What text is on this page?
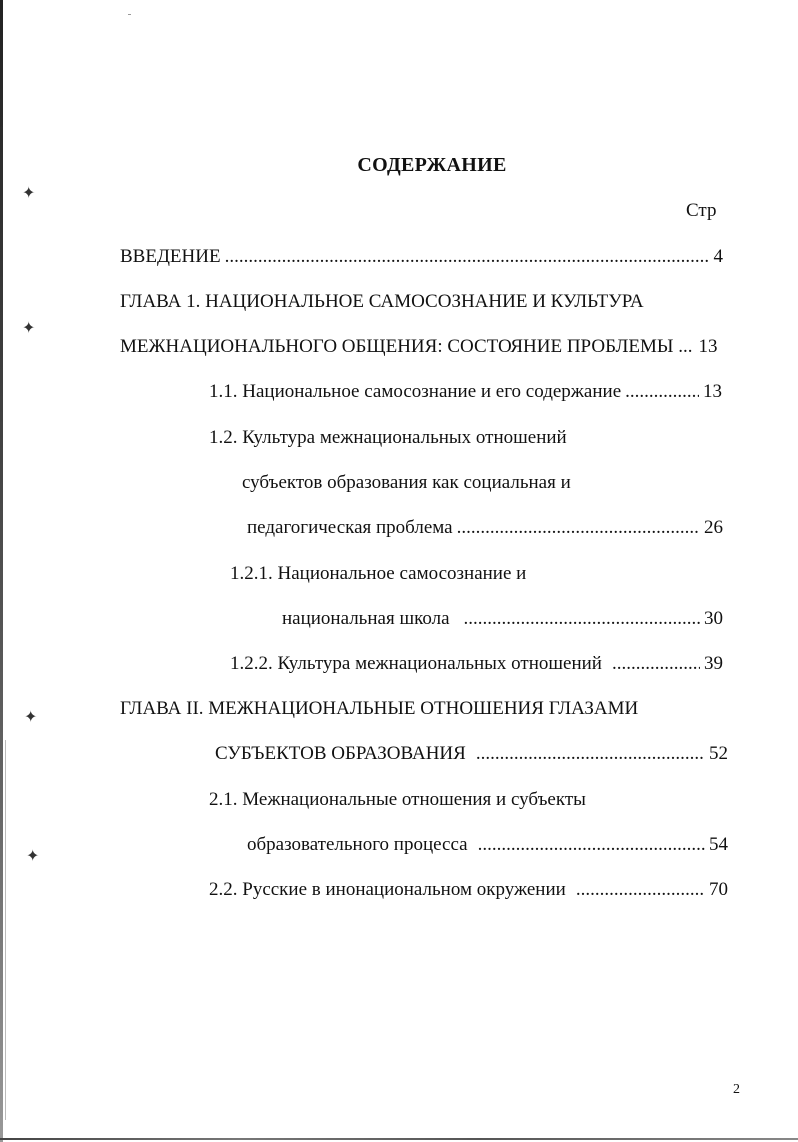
✦
✦
✦
✦
СОДЕРЖАНИЕ
Стр
ВВЕДЕНИЕ .....	4
ГЛАВА 1. НАЦИОНАЛЬНОЕ САМОСОЗНАНИЕ И КУЛЬТУРА
МЕЖНАЦИОНАЛЬНОГО ОБЩЕНИЯ: СОСТОЯНИЕ ПРОБЛЕМЫ ... 13
1.1. Национальное самосознание и его содержание .....	13
1.2. Культура межнациональных отношений
субъектов образования как социальная и
педагогическая проблема .....	26
1.2.1. Национальное самосознание и
национальная школа .....	30
1.2.2. Культура межнациональных отношений .....	39
ГЛАВА II. МЕЖНАЦИОНАЛЬНЫЕ ОТНОШЕНИЯ ГЛАЗАМИ
СУБЪЕКТОВ ОБРАЗОВАНИЯ .....	52
2.1. Межнациональные отношения и субъекты
образовательного процесса .....	54
2.2. Русские в инонациональном окружении .....	70
2
